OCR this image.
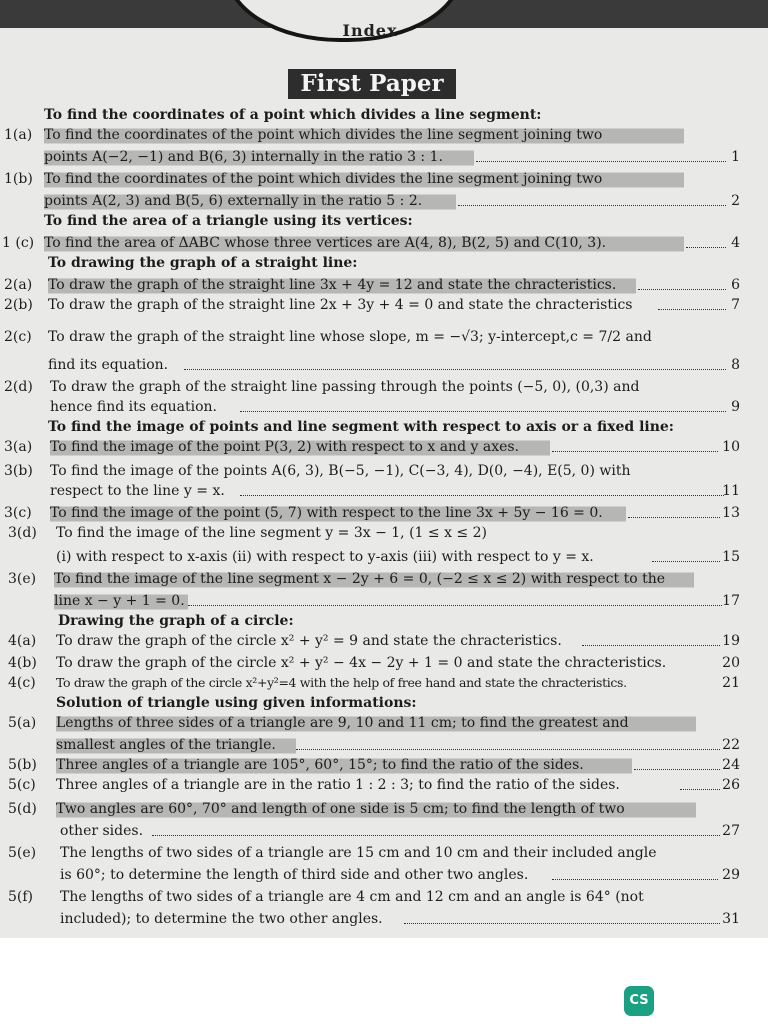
Index
First Paper
To find the coordinates of a point which divides a line segment:
1(a) To find the coordinates of the point which divides the line segment joining two
points A(−2, −1) and B(6, 3) internally in the ratio 3 : 1.	1
1(b) To find the coordinates of the point which divides the line segment joining two
points A(2, 3) and B(5, 6) externally in the ratio 5 : 2.	2
To find the area of a triangle using its vertices:
1 (c) To find the area of ΔABC whose three vertices are A(4, 8), B(2, 5) and C(10, 3).	4
To drawing the graph of a straight line:
2(a) To draw the graph of the straight line 3x + 4y = 12 and state the chracteristics.	6
2(b) To draw the graph of the straight line 2x + 3y + 4 = 0 and state the chracteristics	7
2(c) To draw the graph of the straight line whose slope, m = −√3; y-intercept,c = 7/2 and
find its equation.	8
2(d) To draw the graph of the straight line passing through the points (−5, 0), (0,3) and
hence find its equation.	9
To find the image of points and line segment with respect to axis or a fixed line:
3(a) To find the image of the point P(3, 2) with respect to x and y axes.	10
3(b) To find the image of the points A(6, 3), B(−5, −1), C(−3, 4), D(0, −4), E(5, 0) with
respect to the line y = x.	11
3(c) To find the image of the point (5, 7) with respect to the line 3x + 5y − 16 = 0.	13
3(d) To find the image of the line segment y = 3x − 1, (1 ≤ x ≤ 2)
(i) with respect to x-axis (ii) with respect to y-axis (iii) with respect to y = x.	15
3(e) To find the image of the line segment x − 2y + 6 = 0, (−2 ≤ x ≤ 2) with respect to the
line x − y + 1 = 0.	17
Drawing the graph of a circle:
4(a) To draw the graph of the circle x² + y² = 9 and state the chracteristics.	19
4(b) To draw the graph of the circle x² + y² − 4x − 2y + 1 = 0 and state the chracteristics.	20
4(c) To draw the graph of the circle x²+y²=4 with the help of free hand and state the chracteristics.	21
Solution of triangle using given informations:
5(a) Lengths of three sides of a triangle are 9, 10 and 11 cm; to find the greatest and
smallest angles of the triangle.	22
5(b) Three angles of a triangle are 105°, 60°, 15°; to find the ratio of the sides.	24
5(c) Three angles of a triangle are in the ratio 1 : 2 : 3; to find the ratio of the sides.	26
5(d) Two angles are 60°, 70° and length of one side is 5 cm; to find the length of two
other sides.	27
5(e) The lengths of two sides of a triangle are 15 cm and 10 cm and their included angle
is 60°; to determine the length of third side and other two angles.	29
5(f) The lengths of two sides of a triangle are 4 cm and 12 cm and an angle is 64° (not
included); to determine the two other angles.	31
CS
